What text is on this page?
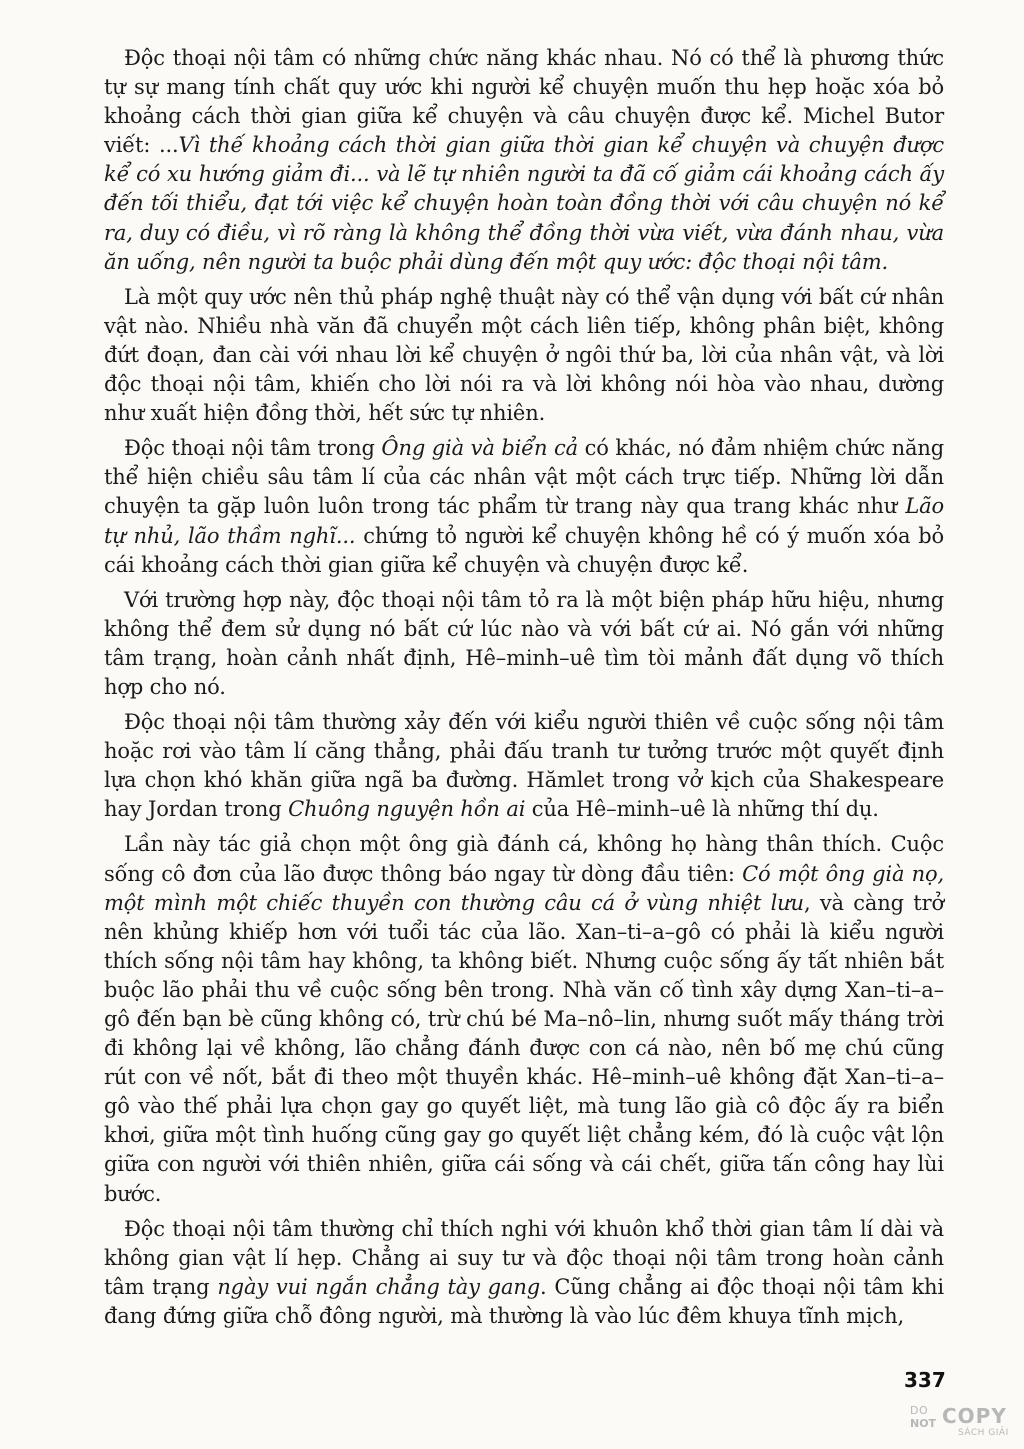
Độc thoại nội tâm có những chức năng khác nhau. Nó có thể là phương thức tự sự mang tính chất quy ước khi người kể chuyện muốn thu hẹp hoặc xóa bỏ khoảng cách thời gian giữa kể chuyện và câu chuyện được kể. Michel Butor viết: ...Vì thế khoảng cách thời gian giữa thời gian kể chuyện và chuyện được kể có xu hướng giảm đi... và lẽ tự nhiên người ta đã cố giảm cái khoảng cách ấy đến tối thiểu, đạt tới việc kể chuyện hoàn toàn đồng thời với câu chuyện nó kể ra, duy có điều, vì rõ ràng là không thể đồng thời vừa viết, vừa đánh nhau, vừa ăn uống, nên người ta buộc phải dùng đến một quy ước: độc thoại nội tâm.

Là một quy ước nên thủ pháp nghệ thuật này có thể vận dụng với bất cứ nhân vật nào. Nhiều nhà văn đã chuyển một cách liên tiếp, không phân biệt, không đứt đoạn, đan cài với nhau lời kể chuyện ở ngôi thứ ba, lời của nhân vật, và lời độc thoại nội tâm, khiến cho lời nói ra và lời không nói hòa vào nhau, dường như xuất hiện đồng thời, hết sức tự nhiên.

Độc thoại nội tâm trong Ông già và biển cả có khác, nó đảm nhiệm chức năng thể hiện chiều sâu tâm lí của các nhân vật một cách trực tiếp. Những lời dẫn chuyện ta gặp luôn luôn trong tác phẩm từ trang này qua trang khác như Lão tự nhủ, lão thầm nghĩ... chứng tỏ người kể chuyện không hề có ý muốn xóa bỏ cái khoảng cách thời gian giữa kể chuyện và chuyện được kể.

Với trường hợp này, độc thoại nội tâm tỏ ra là một biện pháp hữu hiệu, nhưng không thể đem sử dụng nó bất cứ lúc nào và với bất cứ ai. Nó gắn với những tâm trạng, hoàn cảnh nhất định, Hê–minh–uê tìm tòi mảnh đất dụng võ thích hợp cho nó.

Độc thoại nội tâm thường xảy đến với kiểu người thiên về cuộc sống nội tâm hoặc rơi vào tâm lí căng thẳng, phải đấu tranh tư tưởng trước một quyết định lựa chọn khó khăn giữa ngã ba đường. Hămlet trong vở kịch của Shakespeare hay Jordan trong Chuông nguyện hồn ai của Hê–minh–uê là những thí dụ.

Lần này tác giả chọn một ông già đánh cá, không họ hàng thân thích. Cuộc sống cô đơn của lão được thông báo ngay từ dòng đầu tiên: Có một ông già nọ, một mình một chiếc thuyền con thường câu cá ở vùng nhiệt lưu, và càng trở nên khủng khiếp hơn với tuổi tác của lão. Xan–ti–a–gô có phải là kiểu người thích sống nội tâm hay không, ta không biết. Nhưng cuộc sống ấy tất nhiên bắt buộc lão phải thu về cuộc sống bên trong. Nhà văn cố tình xây dựng Xan–ti–a–gô đến bạn bè cũng không có, trừ chú bé Ma–nô–lin, nhưng suốt mấy tháng trời đi không lại về không, lão chẳng đánh được con cá nào, nên bố mẹ chú cũng rút con về nốt, bắt đi theo một thuyền khác. Hê–minh–uê không đặt Xan–ti–a–gô vào thế phải lựa chọn gay go quyết liệt, mà tung lão già cô độc ấy ra biển khơi, giữa một tình huống cũng gay go quyết liệt chẳng kém, đó là cuộc vật lộn giữa con người với thiên nhiên, giữa cái sống và cái chết, giữa tấn công hay lùi bước.

Độc thoại nội tâm thường chỉ thích nghi với khuôn khổ thời gian tâm lí dài và không gian vật lí hẹp. Chẳng ai suy tư và độc thoại nội tâm trong hoàn cảnh tâm trạng ngày vui ngắn chẳng tày gang. Cũng chẳng ai độc thoại nội tâm khi đang đứng giữa chỗ đông người, mà thường là vào lúc đêm khuya tĩnh mịch,

337
DO
NOT COPY
SÁCH GIẢI
